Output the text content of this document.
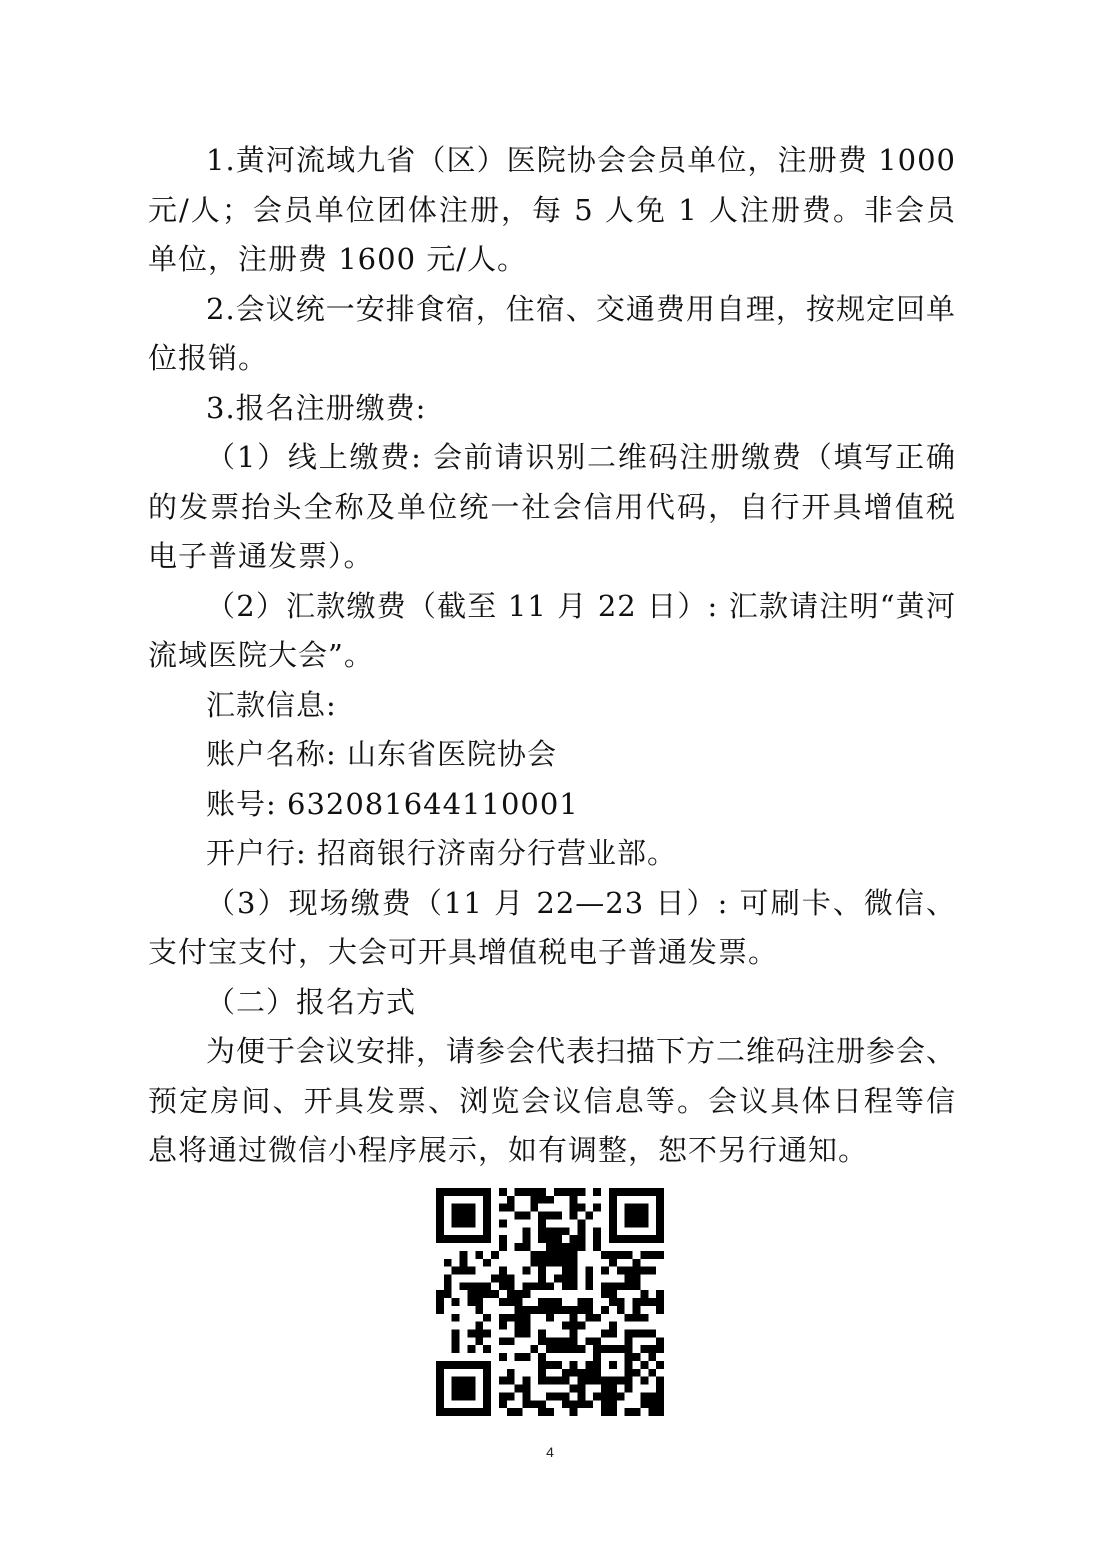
1.黄河流域九省（区）医院协会会员单位，注册费 1000 元/人；会员单位团体注册，每 5 人免 1 人注册费。非会员单位，注册费 1600 元/人。

2.会议统一安排食宿，住宿、交通费用自理，按规定回单位报销。

3.报名注册缴费:

（1）线上缴费: 会前请识别二维码注册缴费（填写正确的发票抬头全称及单位统一社会信用代码，自行开具增值税电子普通发票）。

（2）汇款缴费（截至 11 月 22 日）: 汇款请注明“黄河流域医院大会”。

汇款信息:

账户名称: 山东省医院协会

账号: 632081644110001

开户行: 招商银行济南分行营业部。

（3）现场缴费（11 月 22—23 日）: 可刷卡、微信、支付宝支付，大会可开具增值税电子普通发票。

（二）报名方式

为便于会议安排，请参会代表扫描下方二维码注册参会、预定房间、开具发票、浏览会议信息等。会议具体日程等信息将通过微信小程序展示，如有调整，恕不另行通知。

4
